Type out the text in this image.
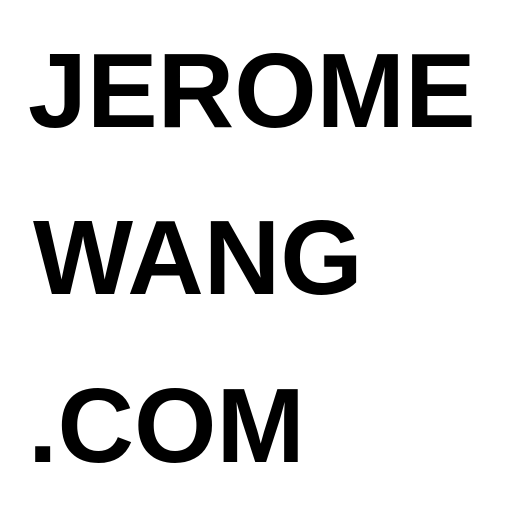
JEROME
WANG
.COM
